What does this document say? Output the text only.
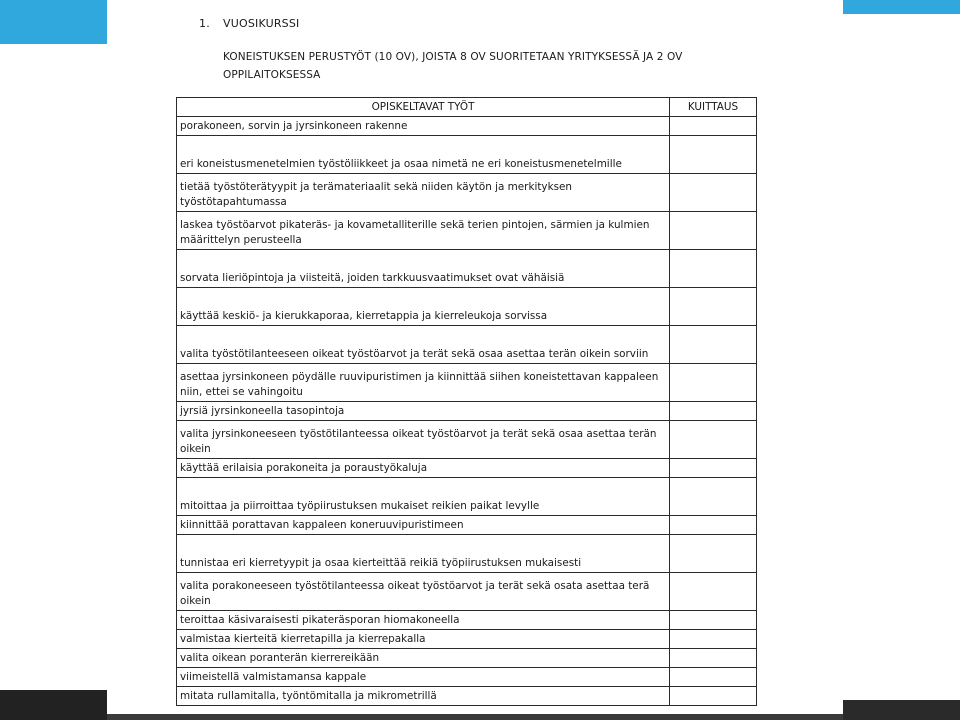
1. VUOSIKURSSI
KONEISTUKSEN PERUSTYÖT (10 OV), JOISTA 8 OV SUORITETAAN YRITYKSESSÄ JA 2 OV
OPPILAITOKSESSA
OPISKELTAVAT TYÖT	KUITTAUS

porakoneen, sorvin ja jyrsinkoneen rakenne	

eri koneistusmenetelmien työstöliikkeet ja osaa nimetä ne eri koneistusmenetelmille	

tietää työstöterätyypit ja terämateriaalit sekä niiden käytön ja merkityksen työstötapahtumassa	

laskea työstöarvot pikateräs- ja kovametalliterille sekä terien pintojen, särmien ja kulmien määrittelyn perusteella	

sorvata lieriöpintoja ja viisteitä, joiden tarkkuusvaatimukset ovat vähäisiä	

käyttää keskiö- ja kierukkaporaa, kierretappia ja kierreleukoja sorvissa	

valita työstötilanteeseen oikeat työstöarvot ja terät sekä osaa asettaa terän oikein sorviin	

asettaa jyrsinkoneen pöydälle ruuvipuristimen ja kiinnittää siihen koneistettavan kappaleen niin, ettei se vahingoitu	

jyrsiä jyrsinkoneella tasopintoja	

valita jyrsinkoneeseen työstötilanteessa oikeat työstöarvot ja terät sekä osaa asettaa terän oikein	

käyttää erilaisia porakoneita ja poraustyökaluja	

mitoittaa ja piirroittaa työpiirustuksen mukaiset reikien paikat levylle	

kiinnittää porattavan kappaleen koneruuvipuristimeen	

tunnistaa eri kierretyypit ja osaa kierteittää reikiä työpiirustuksen mukaisesti	

valita porakoneeseen työstötilanteessa oikeat työstöarvot ja terät sekä osata asettaa terä oikein	

teroittaa käsivaraisesti pikateräsporan hiomakoneella	

valmistaa kierteitä kierretapilla ja kierrepakalla	

valita oikean poranterän kierrereikään	

viimeistellä valmistamansa kappale	

mitata rullamitalla, työntömitalla ja mikrometrillä	
